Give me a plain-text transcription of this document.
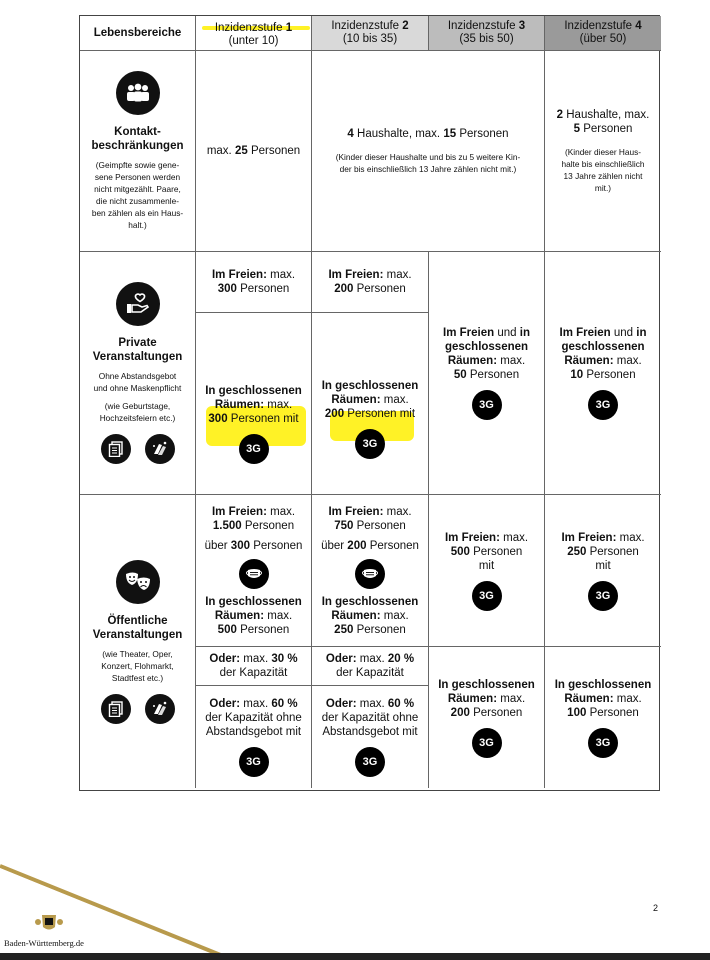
Lebensbereiche	Inzidenzstufe 1
(unter 10)
Inzidenzstufe 2
(10 bis 35)
Inzidenzstufe 3
(35 bis 50)
Inzidenzstufe 4
(über 50)
Kontakt-
beschränkungen
(Geimpfte sowie gene-
sene Personen werden
nicht mitgezählt. Paare,
die nicht zusammenle-
ben zählen als ein Haus-
halt.)
max. 25 Personen
4 Haushalte, max. 15 Personen
(Kinder dieser Haushalte und bis zu 5 weitere Kin-
der bis einschließlich 13 Jahre zählen nicht mit.)
2 Haushalte, max.
5 Personen
(Kinder dieser Haus-
halte bis einschließlich
13 Jahre zählen nicht
mit.)
Private
Veranstaltungen
Ohne Abstandsgebot
und ohne Maskenpflicht
(wie Geburtstage,
Hochzeitsfeiern etc.)
Im Freien: max.
300 Personen
Im Freien: max.
200 Personen
In geschlossenen
Räumen: max.
300 Personen mit
3G
In geschlossenen
Räumen: max.
200 Personen mit
3G
Im Freien und in
geschlossenen
Räumen: max.
50 Personen
3G
Im Freien und in
geschlossenen
Räumen: max.
10 Personen
3G
Öffentliche
Veranstaltungen
(wie Theater, Oper,
Konzert, Flohmarkt,
Stadtfest etc.)
Im Freien: max.
1.500 Personen
über 300 Personen
In geschlossenen
Räumen: max.
500 Personen
Im Freien: max.
750 Personen
über 200 Personen
In geschlossenen
Räumen: max.
250 Personen
Im Freien: max.
500 Personen
mit
3G
Im Freien: max.
250 Personen
mit
3G
Oder: max. 30 %
der Kapazität
Oder: max. 20 %
der Kapazität
In geschlossenen
Räumen: max.
200 Personen
3G
In geschlossenen
Räumen: max.
100 Personen
3G
Oder: max. 60 %
der Kapazität ohne
Abstandsgebot mit
3G
Oder: max. 60 %
der Kapazität ohne
Abstandsgebot mit
3G
Baden-Württemberg.de
2
